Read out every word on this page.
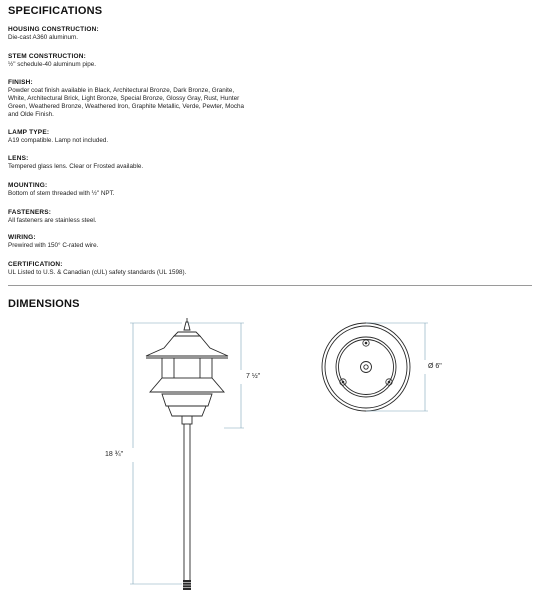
SPECIFICATIONS
HOUSING CONSTRUCTION:
Die-cast A360 aluminum.
STEM CONSTRUCTION:
½" schedule-40 aluminum pipe.
FINISH:
Powder coat finish available in Black, Architectural Bronze, Dark Bronze, Granite,
White, Architectural Brick, Light Bronze, Special Bronze, Glossy Gray, Rust, Hunter
Green, Weathered Bronze, Weathered Iron, Graphite Metallic, Verde, Pewter, Mocha
and Olde Finish.
LAMP TYPE:
A19 compatible. Lamp not included.
LENS:
Tempered glass lens. Clear or Frosted available.
MOUNTING:
Bottom of stem threaded with ½" NPT.
FASTENERS:
All fasteners are stainless steel.
WIRING:
Prewired with 150° C-rated wire.
CERTIFICATION:
UL Listed to U.S. & Canadian (cUL) safety standards (UL 1598).
DIMENSIONS
7 ½"
18 ¾"
Ø 6"
